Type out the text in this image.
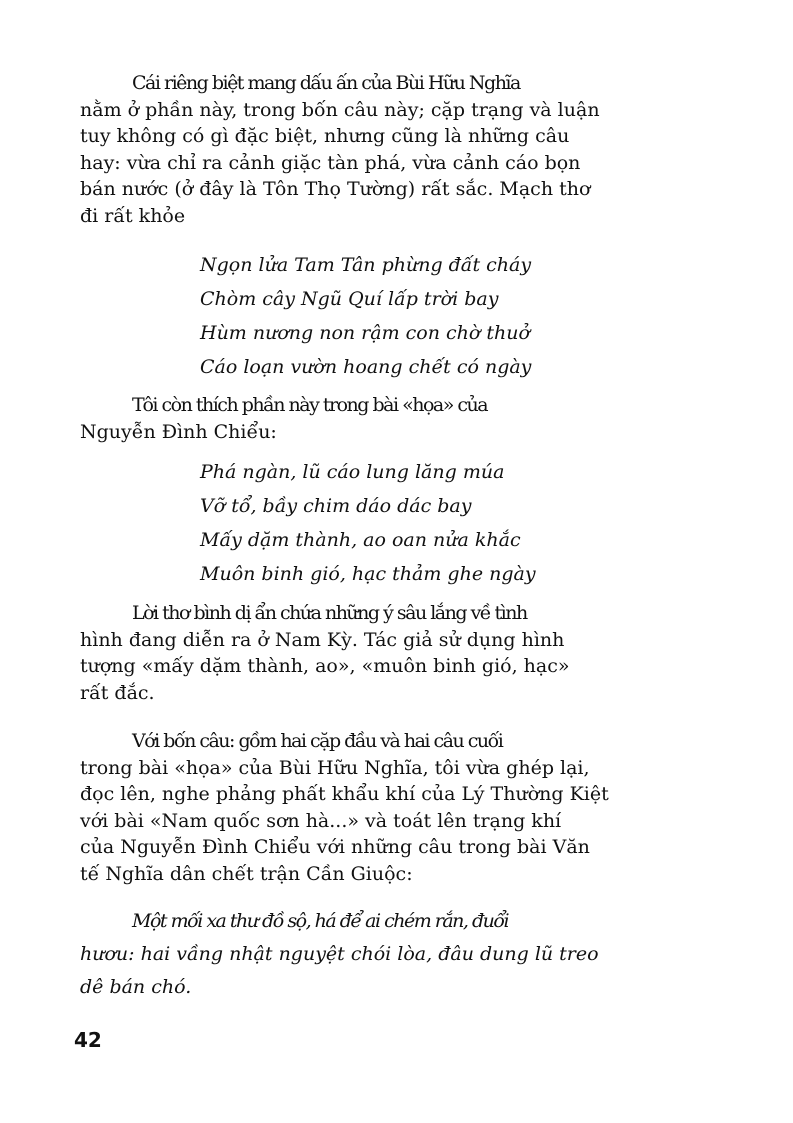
Cái riêng biệt mang dấu ấn của Bùi Hữu Nghĩa
nằm ở phần này, trong bốn câu này; cặp trạng và luận
tuy không có gì đặc biệt, nhưng cũng là những câu
hay: vừa chỉ ra cảnh giặc tàn phá, vừa cảnh cáo bọn
bán nước (ở đây là Tôn Thọ Tường) rất sắc. Mạch thơ
đi rất khỏe

Ngọn lửa Tam Tân phừng đất cháy
Chòm cây Ngũ Quí lấp trời bay
Hùm nương non rậm con chờ thuở
Cáo loạn vườn hoang chết có ngày

Tôi còn thích phần này trong bài «họa» của
Nguyễn Đình Chiểu:

Phá ngàn, lũ cáo lung lăng múa
Vỡ tổ, bầy chim dáo dác bay
Mấy dặm thành, ao oan nửa khắc
Muôn binh gió, hạc thảm ghe ngày

Lời thơ bình dị ẩn chứa những ý sâu lắng về tình
hình đang diễn ra ở Nam Kỳ. Tác giả sử dụng hình
tượng «mấy dặm thành, ao», «muôn binh gió, hạc»
rất đắc.

Với bốn câu: gồm hai cặp đầu và hai câu cuối
trong bài «họa» của Bùi Hữu Nghĩa, tôi vừa ghép lại,
đọc lên, nghe phảng phất khẩu khí của Lý Thường Kiệt
với bài «Nam quốc sơn hà...» và toát lên trạng khí
của Nguyễn Đình Chiểu với những câu trong bài Văn
tế Nghĩa dân chết trận Cần Giuộc:

Một mối xa thư đồ sộ, há để ai chém rắn, đuổi
hươu: hai vầng nhật nguyệt chói lòa, đâu dung lũ treo
dê bán chó.
42
